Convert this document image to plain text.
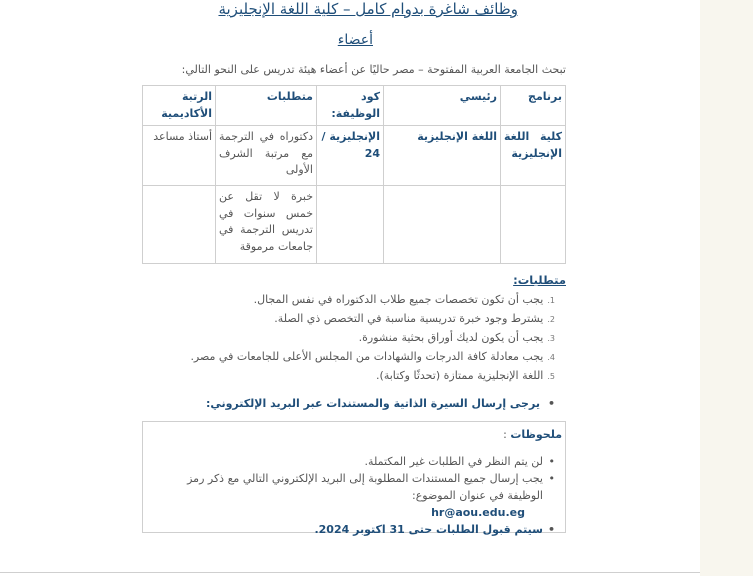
وظائف شاغرة بدوام كامل – كلية اللغة الإنجليزية
أعضاء
تبحث الجامعة العربية المفتوحة – مصر حاليًا عن أعضاء هيئة تدريس على النحو التالي:
برنامج	رئيسي	كود الوظيفة:	متطلبات	الرتبة الأكاديمية
كلية اللغة الإنجليزية	اللغة الإنجليزية	الإنجليزية / 24	دكتوراه في الترجمة مع مرتبة الشرف الأولى	أستاذ مساعد
			خبرة لا تقل عن خمس سنوات في تدريس الترجمة في جامعات مرموقة	
متطلبات:
1.يجب أن تكون تخصصات جميع طلاب الدكتوراه في نفس المجال.
2.يشترط وجود خبرة تدريسية مناسبة في التخصص ذي الصلة.
3.يجب أن يكون لديك أوراق بحثية منشورة.
4.يجب معادلة كافة الدرجات والشهادات من المجلس الأعلى للجامعات في مصر.
5.اللغة الإنجليزية ممتازة (تحدثًا وكتابة).
•يرجى إرسال السيرة الذاتية والمستندات عبر البريد الإلكتروني:
ملحوظات :
• لن يتم النظر في الطلبات غير المكتملة.
• يجب إرسال جميع المستندات المطلوبة إلى البريد الإلكتروني التالي مع ذكر رمز الوظيفة في عنوان الموضوع:
hr@aou.edu.eg
• سيتم قبول الطلبات حتى 31 اكتوبر 2024.
